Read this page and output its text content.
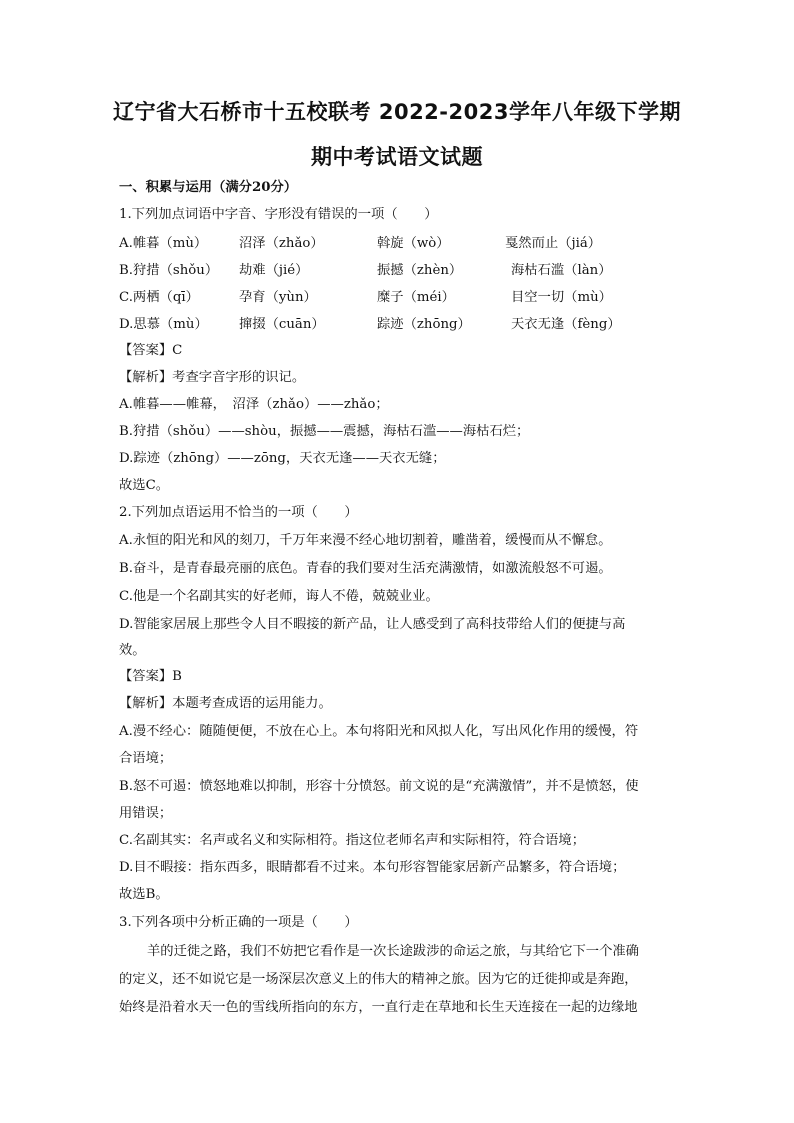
辽宁省大石桥市十五校联考 2022-2023学年八年级下学期
期中考试语文试题
一、积累与运用（满分20分）
1.下列加点词语中字音、字形没有错误的一项（　　）
A.帷暮（mù） 沼泽（zhǎo）	斡旋（wò）	戛然而止（jiá）
B.狩措（shǒu） 劫难（jié）	振撼（zhèn）	海枯石滥（làn）
C.两栖（qī）	孕育（yùn）	糜子（méi）	目空一切（mù）
D.思慕（mù） 撺掇（cuān）	踪迹（zhōng）	天衣无逢（fèng）
【答案】C
【解析】考查字音字形的识记。
A.帷暮——帷幕，　沼泽（zhǎo）——zhǎo；
B.狩措（shǒu）——shòu，振撼——震撼，海枯石滥——海枯石烂；
D.踪迹（zhōng）——zōng，天衣无逢——天衣无缝；
故选C。
2.下列加点语运用不恰当的一项（　　）
A.永恒的阳光和风的刻刀，千万年来漫不经心地切割着，雕凿着，缓慢而从不懈怠。
B.奋斗，是青春最亮丽的底色。青春的我们要对生活充满激情，如激流般怒不可遏。
C.他是一个名副其实的好老师，诲人不倦，兢兢业业。
D.智能家居展上那些令人目不暇接的新产品，让人感受到了高科技带给人们的便捷与高
效。
【答案】B
【解析】本题考查成语的运用能力。
A.漫不经心：随随便便，不放在心上。本句将阳光和风拟人化，写出风化作用的缓慢，符
合语境；
B.怒不可遏：愤怒地难以抑制，形容十分愤怒。前文说的是“充满激情”，并不是愤怒，使
用错误；
C.名副其实：名声或名义和实际相符。指这位老师名声和实际相符，符合语境；
D.目不暇接：指东西多，眼睛都看不过来。本句形容智能家居新产品繁多，符合语境；
故选B。
3.下列各项中分析正确的一项是（　　）
羊的迁徙之路，我们不妨把它看作是一次长途跋涉的命运之旅，与其给它下一个准确
的定义，还不如说它是一场深层次意义上的伟大的精神之旅。因为它的迁徙抑或是奔跑，
始终是沿着水天一色的雪线所指向的东方，一直行走在草地和长生天连接在一起的边缘地
